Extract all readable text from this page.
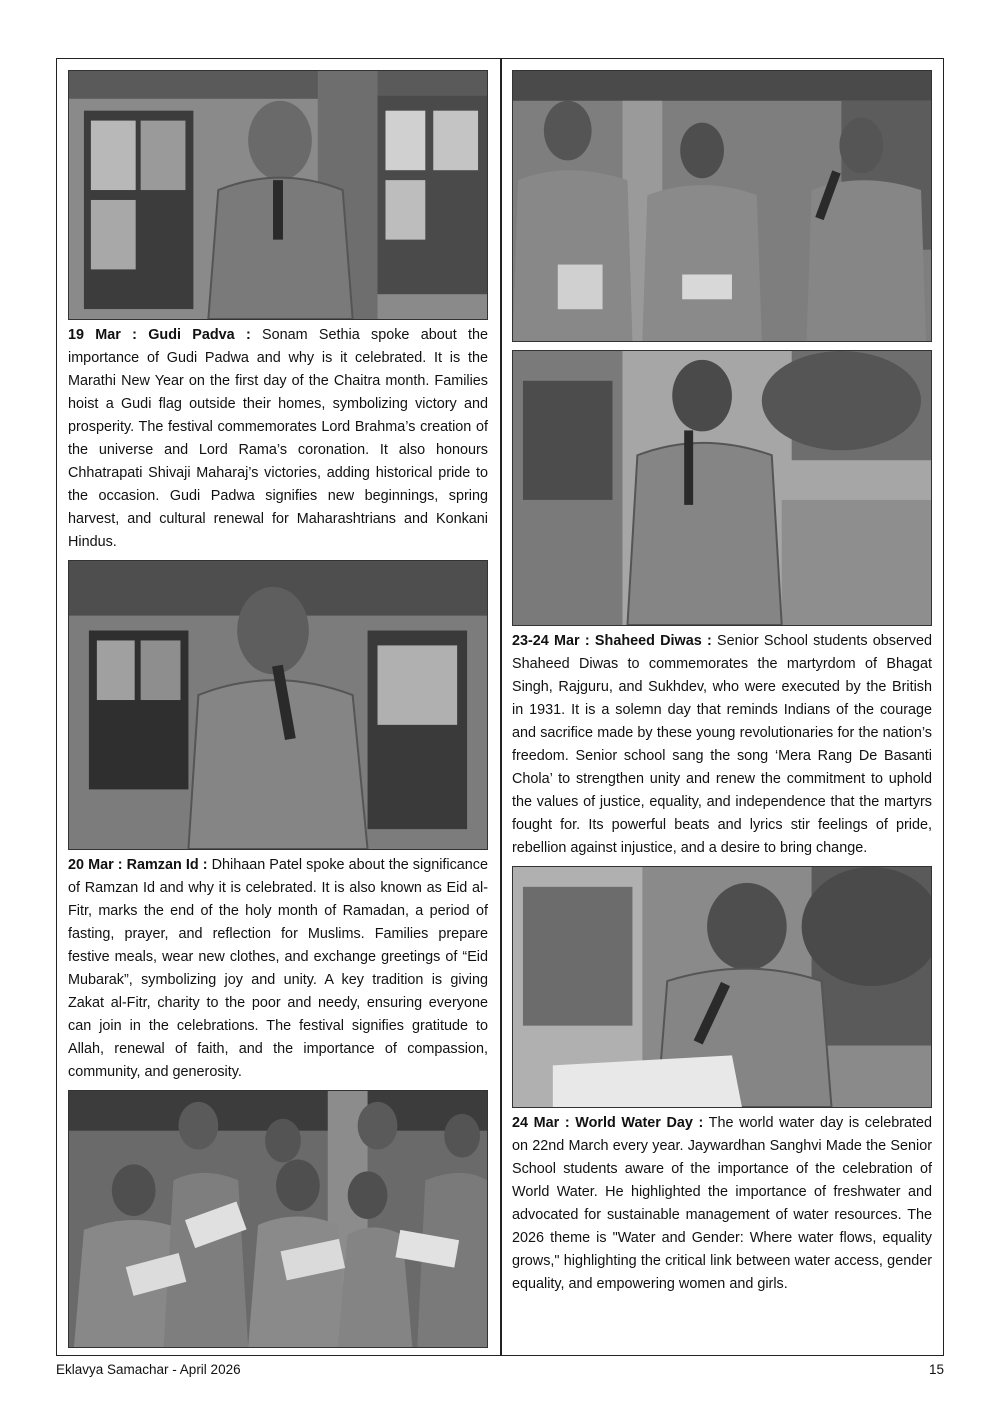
19 Mar : Gudi Padva : Sonam Sethia spoke about the importance of Gudi Padwa and why is it celebrated. It is the Marathi New Year on the first day of the Chaitra month. Families hoist a Gudi flag outside their homes, symbolizing victory and prosperity. The festival commemorates Lord Brahma’s creation of the universe and Lord Rama’s coronation. It also honours Chhatrapati Shivaji Maharaj’s victories, adding historical pride to the occasion. Gudi Padwa signifies new beginnings, spring harvest, and cultural renewal for Maharashtrians and Konkani Hindus.

20 Mar : Ramzan Id : Dhihaan Patel spoke about the significance of Ramzan Id and why it is celebrated. It is also known as Eid al-Fitr, marks the end of the holy month of Ramadan, a period of fasting, prayer, and reflection for Muslims. Families prepare festive meals, wear new clothes, and exchange greetings of “Eid Mubarak”, symbolizing joy and unity. A key tradition is giving Zakat al-Fitr, charity to the poor and needy, ensuring everyone can join in the celebrations. The festival signifies gratitude to Allah, renewal of faith, and the importance of compassion, community, and generosity.

23-24 Mar : Shaheed Diwas : Senior School students observed Shaheed Diwas to commemorates the martyrdom of Bhagat Singh, Rajguru, and Sukhdev, who were executed by the British in 1931. It is a solemn day that reminds Indians of the courage and sacrifice made by these young revolutionaries for the nation’s freedom. Senior school sang the song ‘Mera Rang De Basanti Chola’ to strengthen unity and renew the commitment to uphold the values of justice, equality, and independence that the martyrs fought for. Its powerful beats and lyrics stir feelings of pride, rebellion against injustice, and a desire to bring change.

24 Mar : World Water Day : The world water day is celebrated on 22nd March every year. Jaywardhan Sanghvi Made the Senior School students aware of the importance of the celebration of World Water. He highlighted the importance of freshwater and advocated for sustainable management of water resources. The 2026 theme is "Water and Gender: Where water flows, equality grows," highlighting the critical link between water access, gender equality, and empowering women and girls.

Eklavya Samachar - April 2026	15
